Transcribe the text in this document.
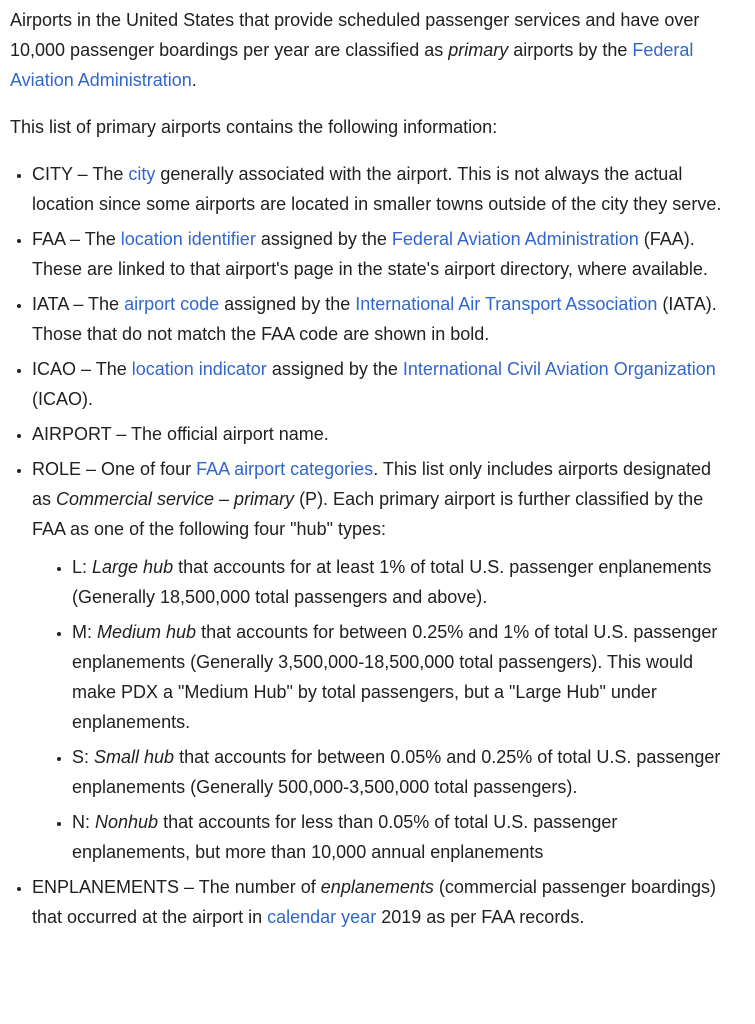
Airports in the United States that provide scheduled passenger services and have over 10,000 passenger boardings per year are classified as primary airports by the Federal Aviation Administration.

This list of primary airports contains the following information:

• CITY – The city generally associated with the airport. This is not always the actual location since some airports are located in smaller towns outside of the city they serve.
• FAA – The location identifier assigned by the Federal Aviation Administration (FAA). These are linked to that airport's page in the state's airport directory, where available.
• IATA – The airport code assigned by the International Air Transport Association (IATA). Those that do not match the FAA code are shown in bold.
• ICAO – The location indicator assigned by the International Civil Aviation Organization (ICAO).
• AIRPORT – The official airport name.
• ROLE – One of four FAA airport categories. This list only includes airports designated as Commercial service – primary (P). Each primary airport is further classified by the FAA as one of the following four "hub" types:
• L: Large hub that accounts for at least 1% of total U.S. passenger enplanements (Generally 18,500,000 total passengers and above).
• M: Medium hub that accounts for between 0.25% and 1% of total U.S. passenger enplanements (Generally 3,500,000-18,500,000 total passengers). This would make PDX a "Medium Hub" by total passengers, but a "Large Hub" under enplanements.
• S: Small hub that accounts for between 0.05% and 0.25% of total U.S. passenger enplanements (Generally 500,000-3,500,000 total passengers).
• N: Nonhub that accounts for less than 0.05% of total U.S. passenger enplanements, but more than 10,000 annual enplanements
• ENPLANEMENTS – The number of enplanements (commercial passenger boardings) that occurred at the airport in calendar year 2019 as per FAA records.
